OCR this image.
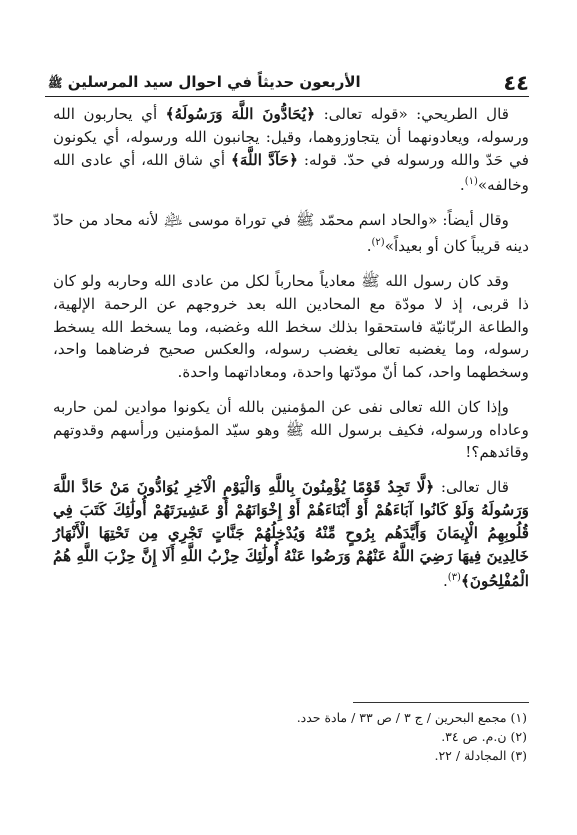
٤٤
الأربعون حديثاً في احوال سيد المرسلين ﷺ
قال الطريحي: «قوله تعالى: ﴿يُحَادُّونَ اللَّهَ وَرَسُولَهُ﴾ أي يحاربون الله ورسوله، ويعادونهما أن يتجاوزوهما، وقيل: يجانبون الله ورسوله، أي يكونون في حَدّ والله ورسوله في حدّ. قوله: ﴿حَآدَّ اللَّهَ﴾ أي شاق الله، أي عادى الله وخالفه»$^{(١)}$.
وقال أيضاً: «والحاد اسم محمّد ﷺ في توراة موسى ﵇ لأنه محاد من حادّ دينه قريباً كان أو بعيداً»$^{(٢)}$.
وقد كان رسول الله ﷺ معادياً محارباً لكل من عادى الله وحاربه ولو كان ذا قربى، إذ لا مودّة مع المحادين الله بعد خروجهم عن الرحمة الإلهية، والطاعة الربّانيّة فاستحقوا بذلك سخط الله وغضبه، وما يسخط الله يسخط رسوله، وما يغضبه تعالى يغضب رسوله، والعكس صحيح فرضاهما واحد، وسخطهما واحد، كما أنّ مودّتها واحدة، ومعاداتهما واحدة.
وإذا كان الله تعالى نفى عن المؤمنين بالله أن يكونوا موادين لمن حاربه وعاداه ورسوله، فكيف برسول الله ﷺ وهو سيّد المؤمنين ورأسهم وقدوتهم وقائدهم؟!
قال تعالى: ﴿لَّا تَجِدُ قَوْمًا يُؤْمِنُونَ بِاللَّهِ وَالْيَوْمِ الْآخِرِ يُوَادُّونَ مَنْ حَادَّ اللَّهَ وَرَسُولَهُ وَلَوْ كَانُوا آبَاءَهُمْ أَوْ أَبْنَاءَهُمْ أَوْ إِخْوَانَهُمْ أَوْ عَشِيرَتَهُمْ أُولَٰئِكَ كَتَبَ فِي قُلُوبِهِمُ الْإِيمَانَ وَأَيَّدَهُم بِرُوحٍ مِّنْهُ وَيُدْخِلُهُمْ جَنَّاتٍ تَجْرِي مِن تَحْتِهَا الْأَنْهَارُ خَالِدِينَ فِيهَا رَضِيَ اللَّهُ عَنْهُمْ وَرَضُوا عَنْهُ أُولَٰئِكَ حِزْبُ اللَّهِ أَلَا إِنَّ حِزْبَ اللَّهِ هُمُ الْمُفْلِحُونَ﴾$^{(٣)}$.

(١) مجمع البحرين / ج ٣ / ص ٣٣ / مادة حدد.

(٢) ن.م. ص ٣٤.

(٣) المجادلة / ٢٢.
